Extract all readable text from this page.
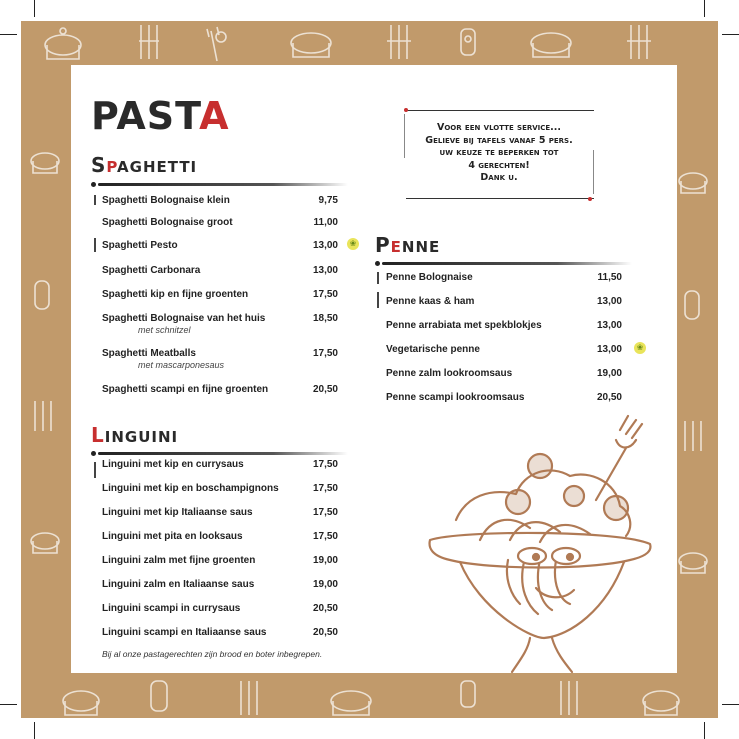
PASTA	Voor een vlotte service...
Gelieve bij tafels vanaf 5 pers.
uw keuze te beperken tot
4 gerechten!
Dank u.
SPAGHETTI
Spaghetti Bolognaise klein	9,75
Spaghetti Bolognaise groot	11,00
Spaghetti Pesto	13,00	❀
Spaghetti Carbonara	13,00
Spaghetti kip en fijne groenten	17,50
Spaghetti Bolognaise van het huis	18,50
met schnitzel
Spaghetti Meatballs	17,50
met mascarponesaus
Spaghetti scampi en fijne groenten	20,50
LINGUINI
Linguini met kip en currysaus	17,50
Linguini met kip en boschampignons	17,50
Linguini met kip Italiaanse saus	17,50
Linguini met pita en looksaus	17,50
Linguini zalm met fijne groenten	19,00
Linguini zalm en Italiaanse saus	19,00
Linguini scampi in currysaus	20,50
Linguini scampi en Italiaanse saus	20,50
Bij al onze pastagerechten zijn brood en boter inbegrepen.
PENNE
Penne Bolognaise	11,50
Penne kaas & ham	13,00
Penne arrabiata met spekblokjes	13,00
Vegetarische penne	13,00	❀
Penne zalm lookroomsaus	19,00
Penne scampi lookroomsaus	20,50
